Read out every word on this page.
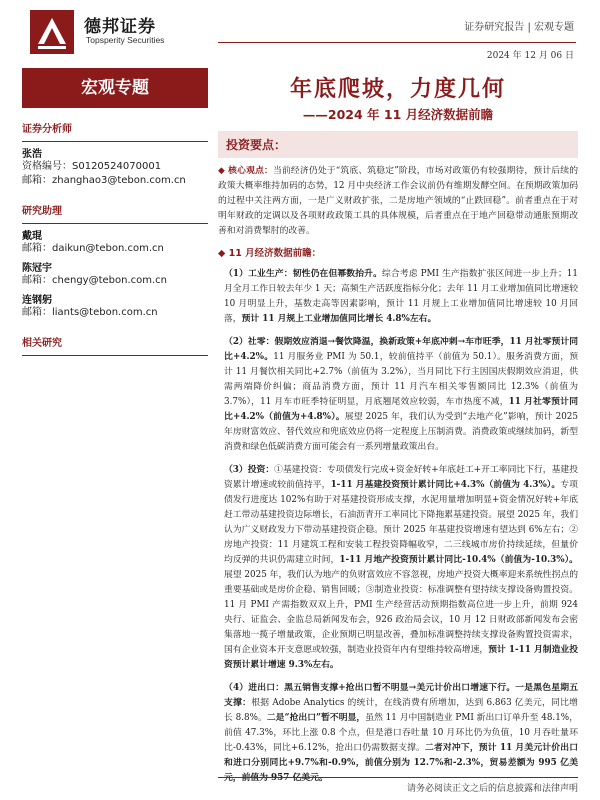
德邦证券
Topsperity Securities
证券研究报告 | 宏观专题
2024 年 12 月 06 日
宏观专题
证券分析师
张浩
资格编号：S0120524070001
邮箱：zhanghao3@tebon.com.cn
研究助理
戴琨
邮箱：daikun@tebon.com.cn
陈冠宇
邮箱：chengy@tebon.com.cn
连钢躬
邮箱：liants@tebon.com.cn
相关研究
年底爬坡，力度几何
——2024 年 11 月经济数据前瞻
投资要点：
◆ 核心观点：当前经济仍处于“筑底、筑稳定”阶段，市场对政策仍有较强期待，预计后续的政策大概率维持加码的态势，12 月中央经济工作会议前仍有维期发酵空间。在预期政策加码的过程中关注两方面，一是广义财政扩张，二是房地产领域的“止跌回稳”。前者重点在于对明年财政的定调以及各项财政政策工具的具体规模，后者重点在于地产回稳带动通胀预期改善和对消费掣肘的改善。
◆ 11 月经济数据前瞻：
（1）工业生产：韧性仍在但幂数抬升。综合考虑 PMI 生产指数扩张区间进一步上升；11 月全月工作日较去年少 1 天；高频生产活跃度指标分化；去年 11 月工业增加值同比增速较 10 月明显上升，基数走高等因素影响，预计 11 月规上工业增加值同比增速较 10 月回落，预计 11 月规上工业增加值同比增长 4.8%左右。
（2）社零：假期效应消退→餐饮降温，换新政策+年底冲刺→车市旺季，11 月社零预计同比+4.2%。11 月服务业 PMI 为 50.1，较前值持平（前值为 50.1）。服务消费方面，预计 11 月餐饮相关同比+2.7%（前值为 3.2%），当月同比下行主因国庆假期效应消退，供需两端降价纠偏；商品消费方面，预计 11 月汽车相关零售额同比 12.3%（前值为 3.7%），11 月车市旺季特征明显，月底翘尾效应较弱，车市热度不减，11 月社零预计同比+4.2%（前值为+4.8%）。展望 2025 年，我们认为受到“去地产化”影响，预计 2025 年房财富效应、替代效应和兜底效应仍将一定程度上压制消费。消费政策或继续加码，新型消费和绿色低碳消费方面可能会有一系列增量政策出台。
（3）投资：①基建投资：专项债发行完成+资金好转+年底赶工+开工率同比下行，基建投资累计增速或较前值持平，1-11 月基建投资预计累计同比+4.3%（前值为 4.3%）。专项债发行进度达 102%有助于对基建投资形成支撑，水泥用量增加明显+资金情况好转+年底赶工带动基建投资边际增长，石油沥青开工率同比下降拖累基建投资。展望 2025 年，我们认为广义财政发力下带动基建投资企稳。预计 2025 年基建投资增速有望达到 6%左右；②房地产投资：11 月建筑工程和安装工程投资降幅收窄，二三线城市房价持续延续，但量价均反弹的共识仍需建立时间，1-11 月地产投资预计累计同比-10.4%（前值为-10.3%）。展望 2025 年，我们认为地产的负财富效应不容忽视，房地产投资大概率迎来系统性拐点的重要基础或是房价企稳、销售回暖；③制造业投资：标准调整有望持续支撑设备购置投资。11 月 PMI 产需指数双双上升，PMI 生产经营活动预期指数高位进一步上升，前期 924 央行、证监会、金监总局新闻发布会，926 政治局会议，10 月 12 日财政部新闻发布会密集落地一揽子增量政策，企业预期已明显改善，叠加标准调整持续支撑设备购置投资需求，国有企业资本开支意愿或较强，制造业投资年内有望维持较高增速，预计 1-11 月制造业投资预计累计增速 9.3%左右。
（4）进出口：黑五销售支撑+抢出口暂不明显→美元计价出口增速下行。一是黑色星期五支撑：根据 Adobe Analytics 的统计，在线消费有所增加，达到 6.863 亿美元，同比增长 8.8%。二是“抢出口”暂不明显，虽然 11 月中国制造业 PMI 新出口订单升至 48.1%，前值 47.3%，环比上涨 0.8 个点，但是港口吞吐量 10 月环比仍为负值，10 月吞吐量环比-0.43%，同比+6.12%，抢出口仍需数据支撑。二者对冲下，预计 11 月美元计价出口和进口分别同比+9.7%和-0.9%，前值分别为 12.7%和-2.3%，贸易差额为 995 亿美元，前值为 957 亿美元。
请务必阅读正文之后的信息披露和法律声明
